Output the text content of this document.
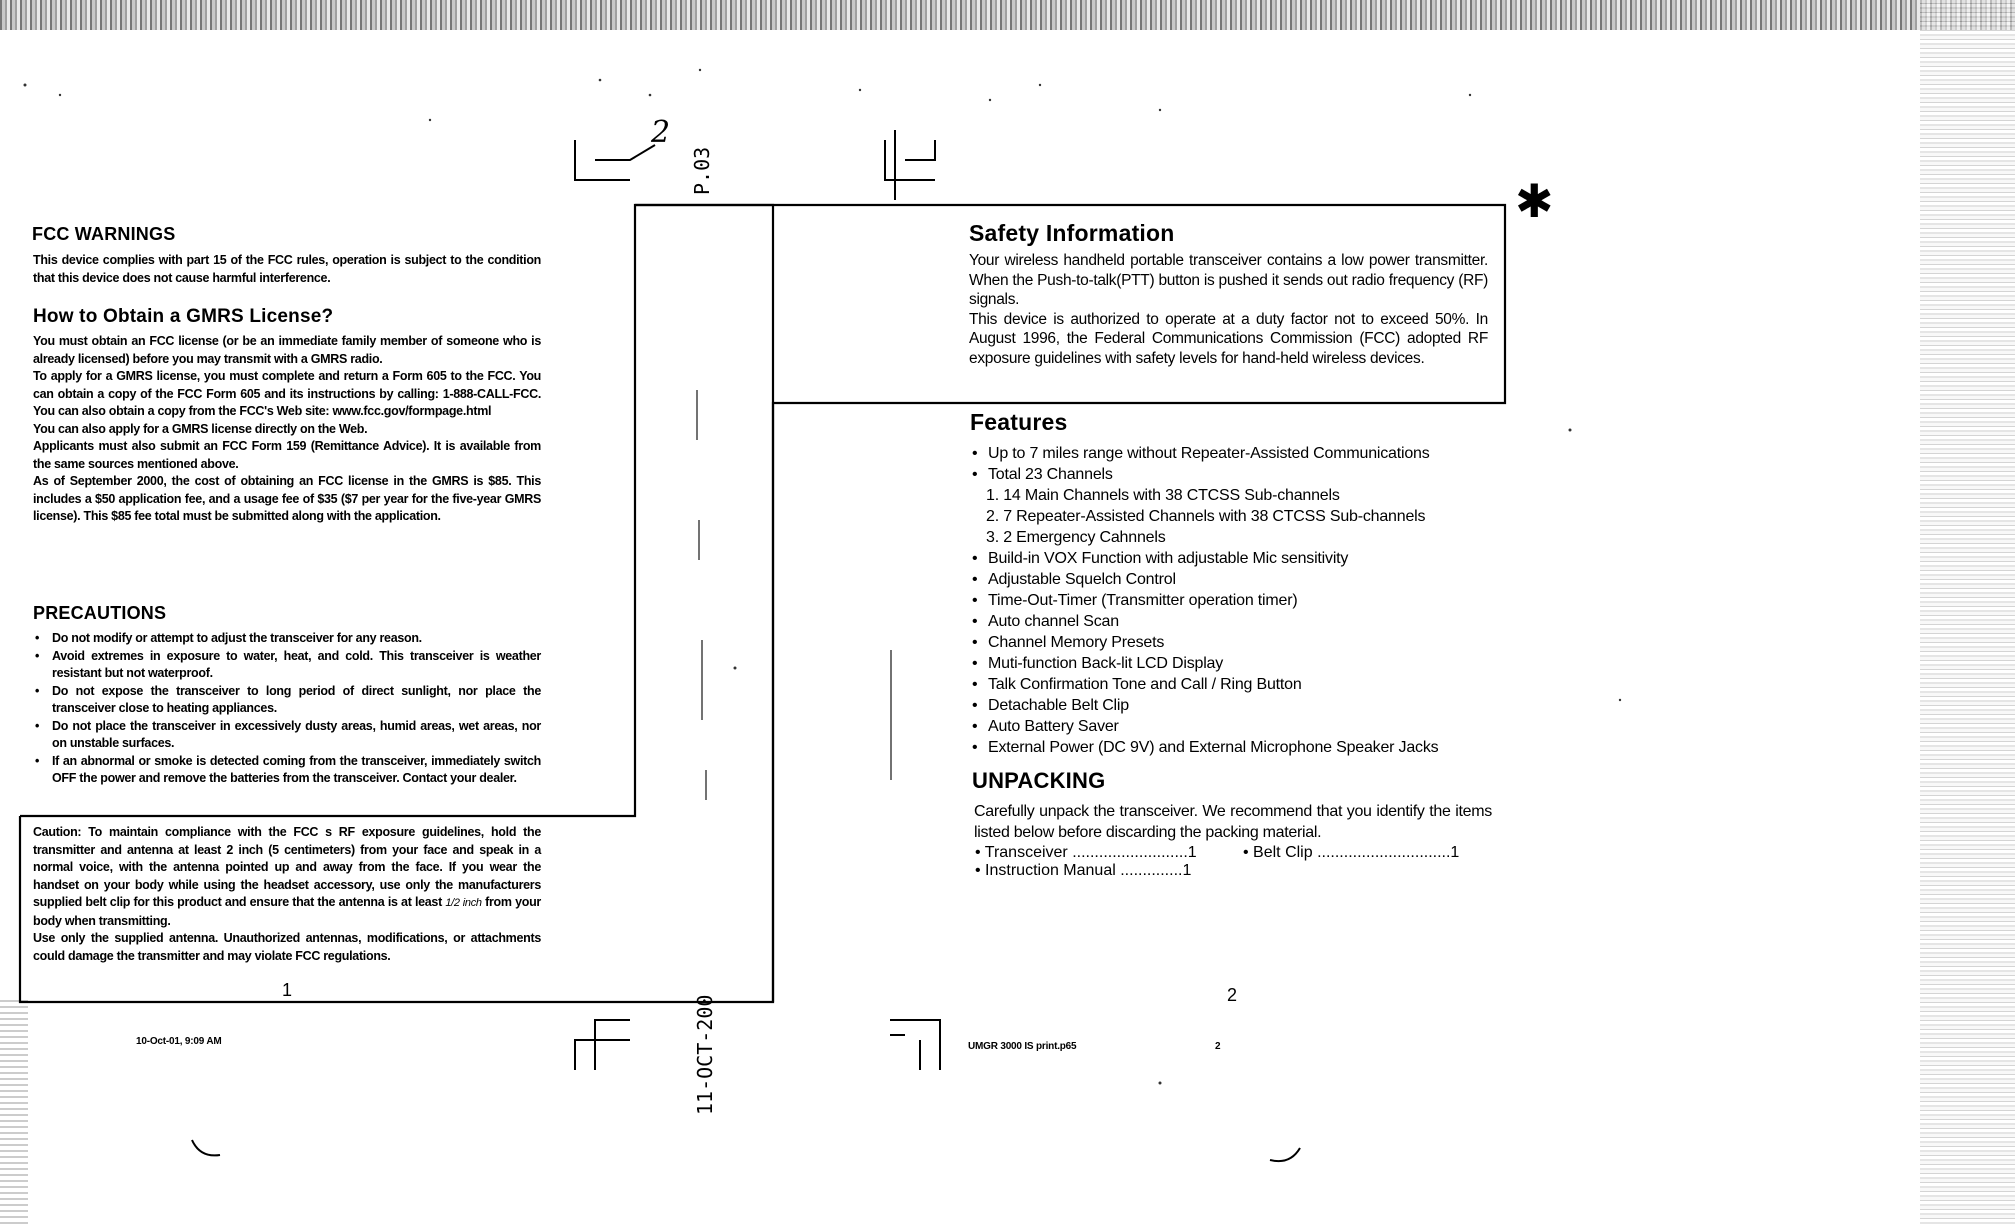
FCC WARNINGS

This device complies with part 15 of the FCC rules, operation is subject to the condition that this device does not cause harmful interference.

How to Obtain a GMRS License?

You must obtain an FCC license (or be an immediate family member of someone who is already licensed) before you may transmit with a GMRS radio.

To apply for a GMRS license, you must complete and return a Form 605 to the FCC. You can obtain a copy of the FCC Form 605 and its instructions by calling: 1-888-CALL-FCC. You can also obtain a copy from the FCC's Web site: www.fcc.gov/formpage.html

You can also apply for a GMRS license directly on the Web.

Applicants must also submit an FCC Form 159 (Remittance Advice). It is available from the same sources mentioned above.

As of September 2000, the cost of obtaining an FCC license in the GMRS is $85. This includes a $50 application fee, and a usage fee of $35 ($7 per year for the five-year GMRS license). This $85 fee total must be submitted along with the application.

PRECAUTIONS
• Do not modify or attempt to adjust the transceiver for any reason.
• Avoid extremes in exposure to water, heat, and cold. This transceiver is weather resistant but not waterproof.
• Do not expose the transceiver to long period of direct sunlight, nor place the transceiver close to heating appliances.
• Do not place the transceiver in excessively dusty areas, humid areas, wet areas, nor on unstable surfaces.
• If an abnormal or smoke is detected coming from the transceiver, immediately switch OFF the power and remove the batteries from the transceiver. Contact your dealer.

Caution: To maintain compliance with the FCC s RF exposure guidelines, hold the transmitter and antenna at least 2 inch (5 centimeters) from your face and speak in a normal voice, with the antenna pointed up and away from the face. If you wear the handset on your body while using the headset accessory, use only the manufacturers supplied belt clip for this product and ensure that the antenna is at least 1/2 inch from your body when transmitting.

Use only the supplied antenna. Unauthorized antennas, modifications, or attachments could damage the transmitter and may violate FCC regulations.

1
10-Oct-01, 9:09 AM
P.03
11-OCT-200
2
✱
Safety Information

Your wireless handheld portable transceiver contains a low power transmitter. When the Push-to-talk(PTT) button is pushed it sends out radio frequency (RF) signals.

This device is authorized to operate at a duty factor not to exceed 50%. In August 1996, the Federal Communications Commission (FCC) adopted RF exposure guidelines with safety levels for hand-held wireless devices.

Features
• Up to 7 miles range without Repeater-Assisted Communications
• Total 23 Channels
1. 14 Main Channels with 38 CTCSS Sub-channels
2. 7 Repeater-Assisted Channels with 38 CTCSS Sub-channels
3. 2 Emergency Cahnnels
• Build-in VOX Function with adjustable Mic sensitivity
• Adjustable Squelch Control
• Time-Out-Timer (Transmitter operation timer)
• Auto channel Scan
• Channel Memory Presets
• Muti-function Back-lit LCD Display
• Talk Confirmation Tone and Call / Ring Button
• Detachable Belt Clip
• Auto Battery Saver
• External Power (DC 9V) and External Microphone Speaker Jacks
UNPACKING
Carefully unpack the transceiver. We recommend that you identify the items listed below before discarding the packing material.
• Transceiver ..........................1	• Belt Clip ..............................1
• Instruction Manual ..............1
2
UMGR 3000 IS print.p65	2
